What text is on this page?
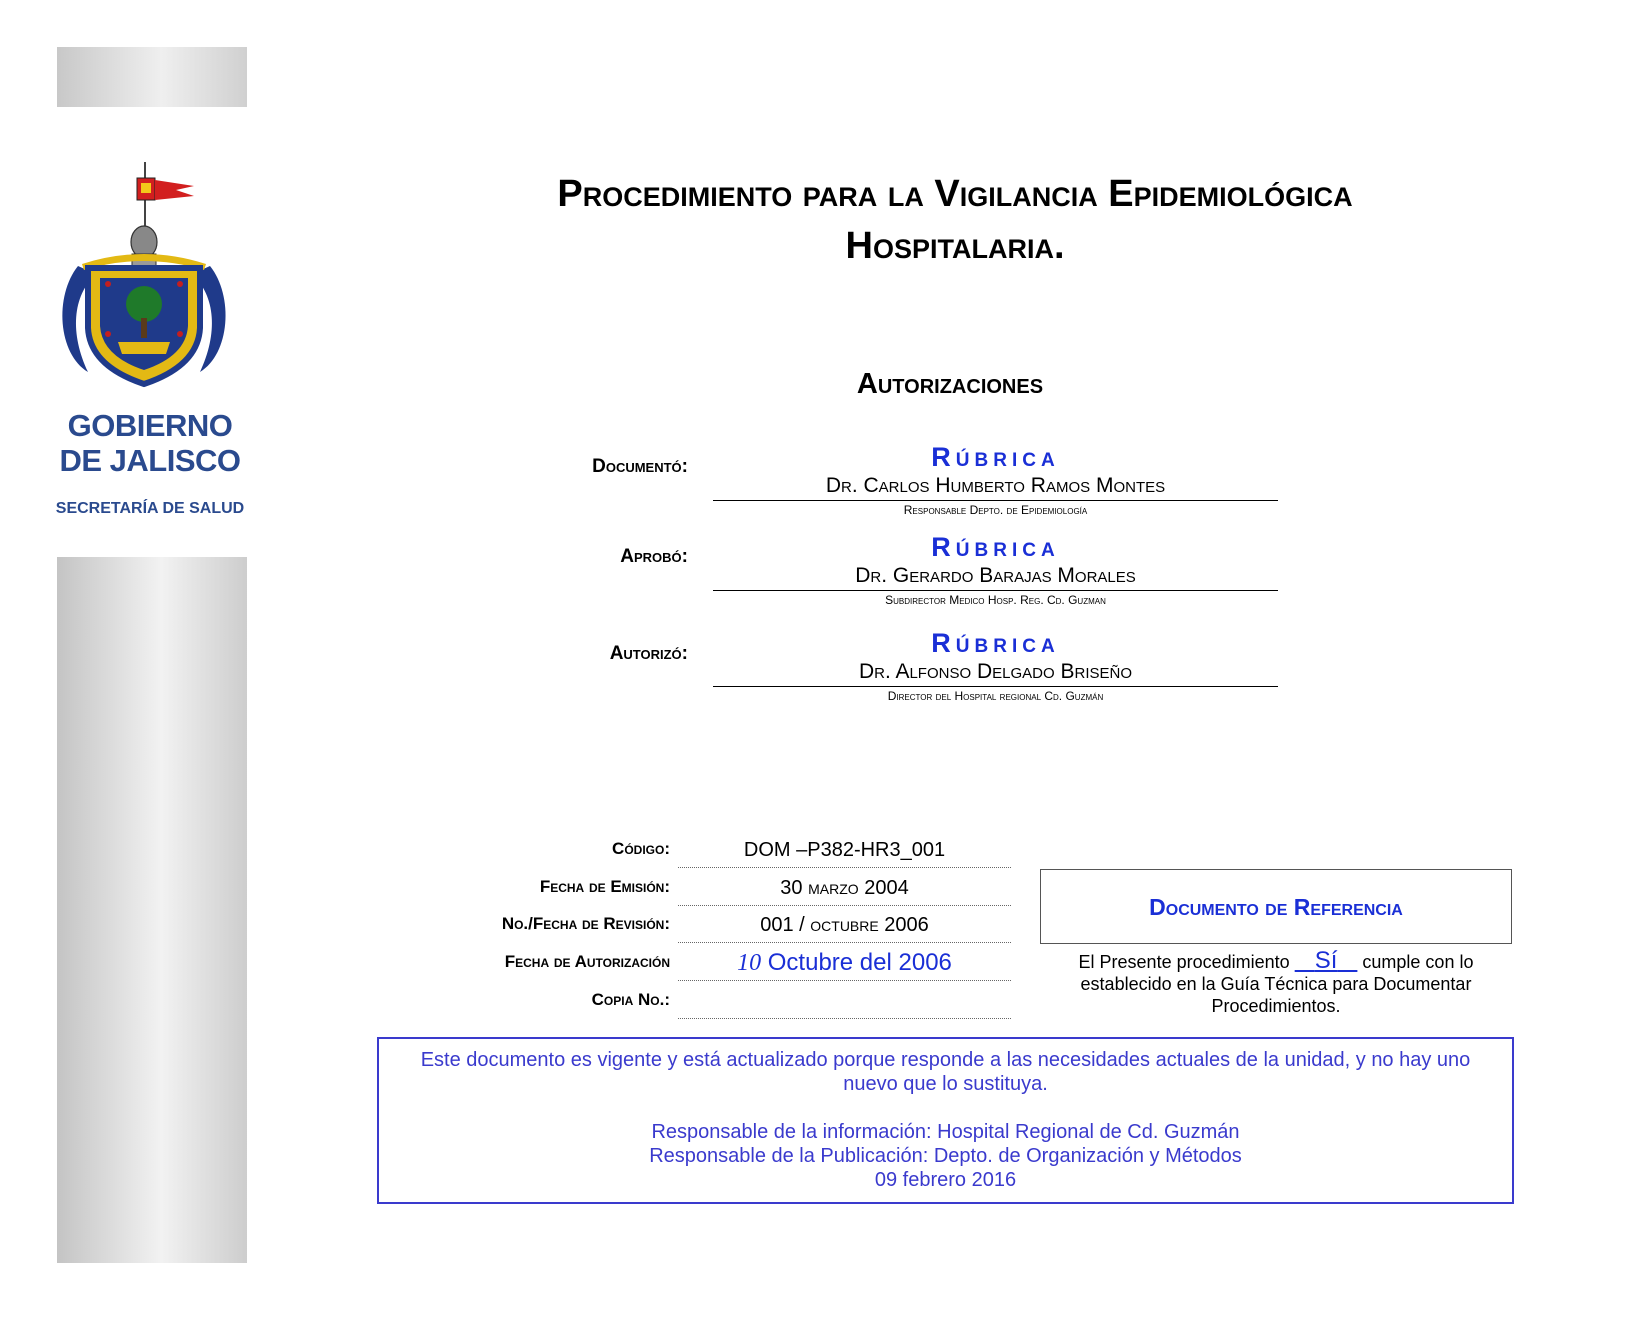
GOBIERNO
DE JALISCO
SECRETARÍA DE SALUD
Procedimiento para la Vigilancia Epidemiológica
Hospitalaria.
Autorizaciones
Documentó:	Rúbrica
Dr. Carlos Humberto Ramos Montes
Responsable Depto. de Epidemiología
Aprobó:	Rúbrica
Dr. Gerardo Barajas Morales
Subdirector Medico Hosp. Reg. Cd. Guzman
Autorizó:	Rúbrica
Dr. Alfonso Delgado Briseño
Director del Hospital regional Cd. Guzmán
Código:	DOM –P382-HR3_001
Fecha de Emisión:	30 marzo 2004
No./Fecha de Revisión:	001 / octubre 2006
Fecha de Autorización	10 Octubre del 2006
Copia No.:
Documento de Referencia
El Presente procedimiento Sí cumple con lo establecido en la Guía Técnica para Documentar Procedimientos.
Este documento es vigente y está actualizado porque responde a las necesidades actuales de la unidad, y no hay uno nuevo que lo sustituya.
Responsable de la información: Hospital Regional de Cd. Guzmán
Responsable de la Publicación: Depto. de Organización y Métodos
09 febrero 2016
